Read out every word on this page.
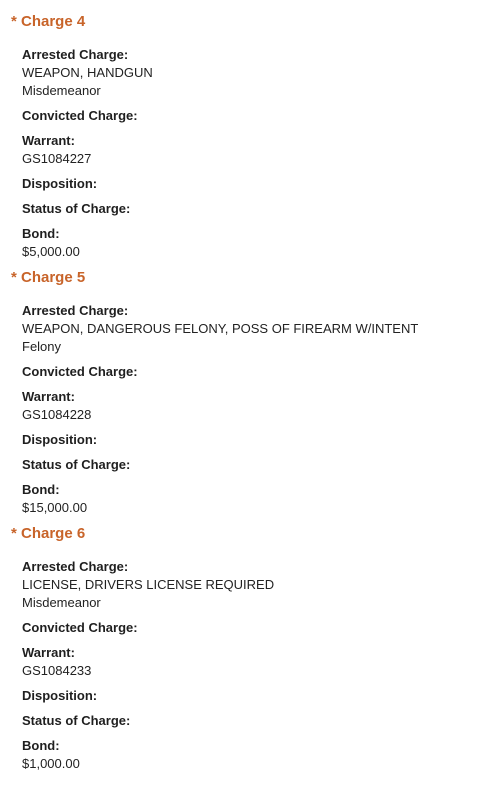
* Charge 4
Arrested Charge:
WEAPON, HANDGUN
Misdemeanor
Convicted Charge:
Warrant:
GS1084227
Disposition:
Status of Charge:
Bond:
$5,000.00
* Charge 5
Arrested Charge:
WEAPON, DANGEROUS FELONY, POSS OF FIREARM W/INTENT
Felony
Convicted Charge:
Warrant:
GS1084228
Disposition:
Status of Charge:
Bond:
$15,000.00
* Charge 6
Arrested Charge:
LICENSE, DRIVERS LICENSE REQUIRED
Misdemeanor
Convicted Charge:
Warrant:
GS1084233
Disposition:
Status of Charge:
Bond:
$1,000.00
